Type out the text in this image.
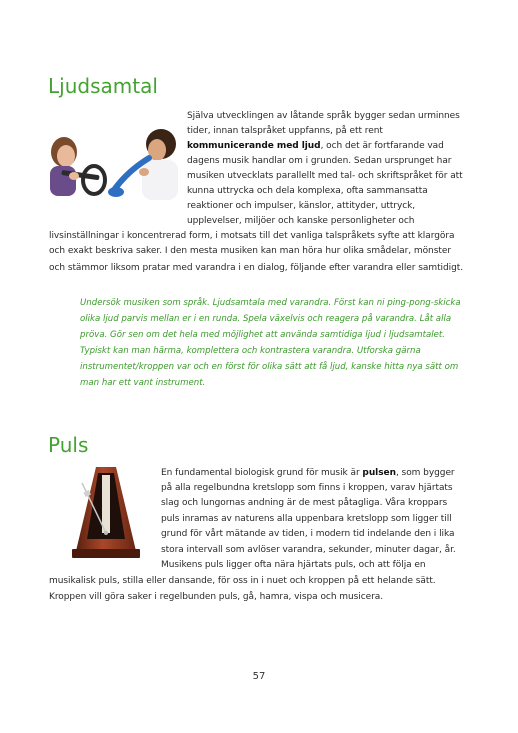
Ljudsamtal
Själva utvecklingen av låtande språk bygger sedan urminnes
tider, innan talspråket uppfanns, på ett rent
kommunicerande med ljud, och det är fortfarande vad
dagens musik handlar om i grunden. Sedan ursprunget har
musiken utvecklats parallellt med tal- och skriftspråket för att
kunna uttrycka och dela komplexa, ofta sammansatta
reaktioner och impulser, känslor, attityder, uttryck,
upplevelser, miljöer och kanske personligheter och
livsinställningar i koncentrerad form, i motsats till det vanliga talspråkets syfte att klargöra
och exakt beskriva saker. I den mesta musiken kan man höra hur olika smådelar, mönster
och stämmor liksom pratar med varandra i en dialog, följande efter varandra eller samtidigt.
Undersök musiken som språk. Ljudsamtala med varandra. Först kan ni ping-pong-skicka
olika ljud parvis mellan er i en runda. Spela växelvis och reagera på varandra. Låt alla
pröva. Gör sen om det hela med möjlighet att använda samtidiga ljud i ljudsamtalet.
Typiskt kan man härma, komplettera och kontrastera varandra. Utforska gärna
instrumentet/kroppen var och en först för olika sätt att få ljud, kanske hitta nya sätt om
man har ett vant instrument.
Puls
En fundamental biologisk grund för musik är pulsen, som bygger
på alla regelbundna kretslopp som finns i kroppen, varav hjärtats
slag och lungornas andning är de mest påtagliga. Våra kroppars
puls inramas av naturens alla uppenbara kretslopp som ligger till
grund för vårt mätande av tiden, i modern tid indelande den i lika
stora intervall som avlöser varandra, sekunder, minuter dagar, år.
Musikens puls ligger ofta nära hjärtats puls, och att följa en
musikalisk puls, stilla eller dansande, för oss in i nuet och kroppen på ett helande sätt.
Kroppen vill göra saker i regelbunden puls, gå, hamra, vispa och musicera.
57
